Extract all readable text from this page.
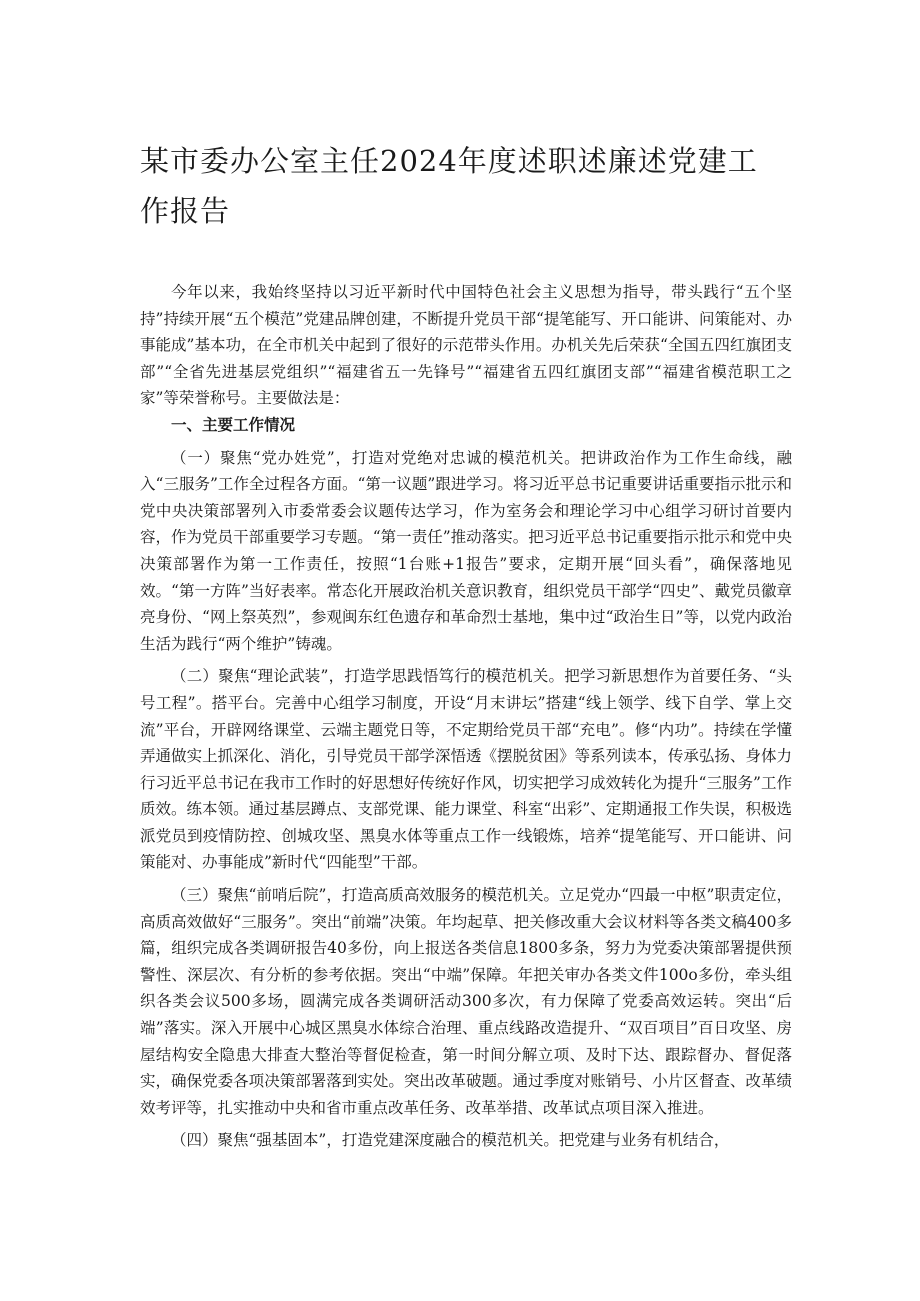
某市委办公室主任2024年度述职述廉述党建工作报告

今年以来，我始终坚持以习近平新时代中国特色社会主义思想为指导，带头践行“五个坚持”持续开展“五个模范”党建品牌创建，不断提升党员干部“提笔能写、开口能讲、问策能对、办事能成”基本功，在全市机关中起到了很好的示范带头作用。办机关先后荣获“全国五四红旗团支部”“全省先进基层党组织”“福建省五一先锋号”“福建省五四红旗团支部”“福建省模范职工之家”等荣誉称号。主要做法是：

一、主要工作情况

（一）聚焦“党办姓党”，打造对党绝对忠诚的模范机关。把讲政治作为工作生命线，融入“三服务”工作全过程各方面。“第一议题”跟进学习。将习近平总书记重要讲话重要指示批示和党中央决策部署列入市委常委会议题传达学习，作为室务会和理论学习中心组学习研讨首要内容，作为党员干部重要学习专题。“第一责任”推动落实。把习近平总书记重要指示批示和党中央决策部署作为第一工作责任，按照“1台账+1报告”要求，定期开展“回头看”，确保落地见效。“第一方阵”当好表率。常态化开展政治机关意识教育，组织党员干部学“四史”、戴党员徽章亮身份、“网上祭英烈”，参观闽东红色遗存和革命烈士基地，集中过“政治生日”等，以党内政治生活为践行“两个维护”铸魂。

（二）聚焦“理论武装”，打造学思践悟笃行的模范机关。把学习新思想作为首要任务、“头号工程”。搭平台。完善中心组学习制度，开设“月末讲坛”搭建“线上领学、线下自学、掌上交流”平台，开辟网络课堂、云端主题党日等，不定期给党员干部“充电”。修“内功”。持续在学懂弄通做实上抓深化、消化，引导党员干部学深悟透《摆脱贫困》等系列读本，传承弘扬、身体力行习近平总书记在我市工作时的好思想好传统好作风，切实把学习成效转化为提升“三服务”工作质效。练本领。通过基层蹲点、支部党课、能力课堂、科室“出彩”、定期通报工作失误，积极选派党员到疫情防控、创城攻坚、黑臭水体等重点工作一线锻炼，培养“提笔能写、开口能讲、问策能对、办事能成”新时代“四能型”干部。

（三）聚焦“前哨后院”，打造高质高效服务的模范机关。立足党办“四最一中枢”职责定位，高质高效做好“三服务”。突出“前端”决策。年均起草、把关修改重大会议材料等各类文稿400多篇，组织完成各类调研报告40多份，向上报送各类信息1800多条，努力为党委决策部署提供预警性、深层次、有分析的参考依据。突出“中端”保障。年把关审办各类文件100o多份，牵头组织各类会议500多场，圆满完成各类调研活动300多次，有力保障了党委高效运转。突出“后端”落实。深入开展中心城区黑臭水体综合治理、重点线路改造提升、“双百项目”百日攻坚、房屋结构安全隐患大排查大整治等督促检查，第一时间分解立项、及时下达、跟踪督办、督促落实，确保党委各项决策部署落到实处。突出改革破题。通过季度对账销号、小片区督查、改革绩效考评等，扎实推动中央和省市重点改革任务、改革举措、改革试点项目深入推进。

（四）聚焦“强基固本”，打造党建深度融合的模范机关。把党建与业务有机结合，
